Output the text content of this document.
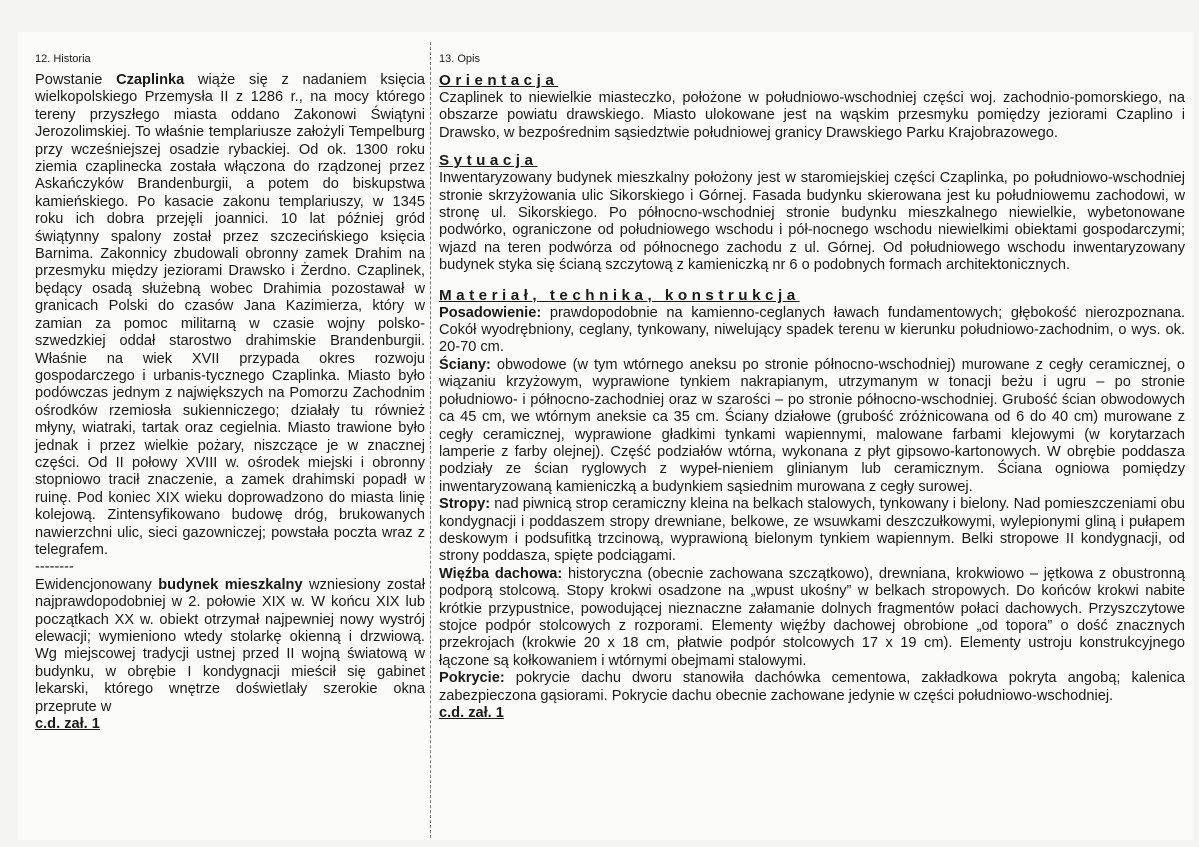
12. Historia

Powstanie Czaplinka wiąże się z nadaniem księcia wielkopolskiego Przemysła II z 1286 r., na mocy którego tereny przyszłego miasta oddano Zakonowi Świątyni Jerozolimskiej. To właśnie templariusze założyli Tempelburg przy wcześniejszej osadzie rybackiej. Od ok. 1300 roku ziemia czaplinecka została włączona do rządzonej przez Askańczyków Brandenburgii, a potem do biskupstwa kamieńskiego. Po kasacie zakonu templariuszy, w 1345 roku ich dobra przejęli joannici. 10 lat później gród świątynny spalony został przez szczecińskiego księcia Barnima. Zakonnicy zbudowali obronny zamek Drahim na przesmyku między jeziorami Drawsko i Żerdno. Czaplinek, będący osadą służebną wobec Drahimia pozostawał w granicach Polski do czasów Jana Kazimierza, który w zamian za pomoc militarną w czasie wojny polsko-szwedzkiej oddał starostwo drahimskie Brandenburgii. Właśnie na wiek XVII przypada okres rozwoju gospodarczego i urbanis-tycznego Czaplinka. Miasto było podówczas jednym z największych na Pomorzu Zachodnim ośrodków rzemiosła sukienniczego; działały tu również młyny, wiatraki, tartak oraz cegielnia. Miasto trawione było jednak i przez wielkie pożary, niszczące je w znacznej części. Od II połowy XVIII w. ośrodek miejski i obronny stopniowo tracił znaczenie, a zamek drahimski popadł w ruinę. Pod koniec XIX wieku doprowadzono do miasta linię kolejową. Zintensyfikowano budowę dróg, brukowanych nawierzchni ulic, sieci gazowniczej; powstała poczta wraz z telegrafem.

--------

Ewidencjonowany budynek mieszkalny wzniesiony został najprawdopodobniej w 2. połowie XIX w. W końcu XIX lub początkach XX w. obiekt otrzymał najpewniej nowy wystrój elewacji; wymieniono wtedy stolarkę okienną i drzwiową. Wg miejscowej tradycji ustnej przed II wojną światową w budynku, w obrębie I kondygnacji mieścił się gabinet lekarski, którego wnętrze doświetlały szerokie okna przeprute w

c.d. zał. 1

13. Opis

Orientacja

Czaplinek to niewielkie miasteczko, położone w południowo-wschodniej części woj. zachodnio-pomorskiego, na obszarze powiatu drawskiego. Miasto ulokowane jest na wąskim przesmyku pomiędzy jeziorami Czaplino i Drawsko, w bezpośrednim sąsiedztwie południowej granicy Drawskiego Parku Krajobrazowego.

Sytuacja

Inwentaryzowany budynek mieszkalny położony jest w staromiejskiej części Czaplinka, po południowo-wschodniej stronie skrzyżowania ulic Sikorskiego i Górnej. Fasada budynku skierowana jest ku południowemu zachodowi, w stronę ul. Sikorskiego. Po północno-wschodniej stronie budynku mieszkalnego niewielkie, wybetonowane podwórko, ograniczone od południowego wschodu i pół-nocnego wschodu niewielkimi obiektami gospodarczymi; wjazd na teren podwórza od północnego zachodu z ul. Górnej. Od południowego wschodu inwentaryzowany budynek styka się ścianą szczytową z kamieniczką nr 6 o podobnych formach architektonicznych.

Materiał, technika, konstrukcja

Posadowienie: prawdopodobnie na kamienno-ceglanych ławach fundamentowych; głębokość nierozpoznana. Cokół wyodrębniony, ceglany, tynkowany, niwelujący spadek terenu w kierunku południowo-zachodnim, o wys. ok. 20-70 cm.

Ściany: obwodowe (w tym wtórnego aneksu po stronie północno-wschodniej) murowane z cegły ceramicznej, o wiązaniu krzyżowym, wyprawione tynkiem nakrapianym, utrzymanym w tonacji beżu i ugru – po stronie południowo- i północno-zachodniej oraz w szarości – po stronie północno-wschodniej. Grubość ścian obwodowych ca 45 cm, we wtórnym aneksie ca 35 cm. Ściany działowe (grubość zróżnicowana od 6 do 40 cm) murowane z cegły ceramicznej, wyprawione gładkimi tynkami wapiennymi, malowane farbami klejowymi (w korytarzach lamperie z farby olejnej). Część podziałów wtórna, wykonana z płyt gipsowo-kartonowych. W obrębie poddasza podziały ze ścian ryglowych z wypeł-nieniem glinianym lub ceramicznym. Ściana ogniowa pomiędzy inwentaryzowaną kamieniczką a budynkiem sąsiednim murowana z cegły surowej.

Stropy: nad piwnicą strop ceramiczny kleina na belkach stalowych, tynkowany i bielony. Nad pomieszczeniami obu kondygnacji i poddaszem stropy drewniane, belkowe, ze wsuwkami deszczułkowymi, wylepionymi gliną i pułapem deskowym i podsufitką trzcinową, wyprawioną bielonym tynkiem wapiennym. Belki stropowe II kondygnacji, od strony poddasza, spięte podciągami.

Więźba dachowa: historyczna (obecnie zachowana szczątkowo), drewniana, krokwiowo – jętkowa z obustronną podporą stolcową. Stopy krokwi osadzone na „wpust ukośny” w belkach stropowych. Do końców krokwi nabite krótkie przypustnice, powodującej nieznaczne załamanie dolnych fragmentów połaci dachowych. Przyszczytowe stojce podpór stolcowych z rozporami. Elementy więźby dachowej obrobione „od topora” o dość znacznych przekrojach (krokwie 20 x 18 cm, płatwie podpór stolcowych 17 x 19 cm). Elementy ustroju konstrukcyjnego łączone są kołkowaniem i wtórnymi obejmami stalowymi.

Pokrycie: pokrycie dachu dworu stanowiła dachówka cementowa, zakładkowa pokryta angobą; kalenica zabezpieczona gąsiorami. Pokrycie dachu obecnie zachowane jedynie w części południowo-wschodniej.

c.d. zał. 1
